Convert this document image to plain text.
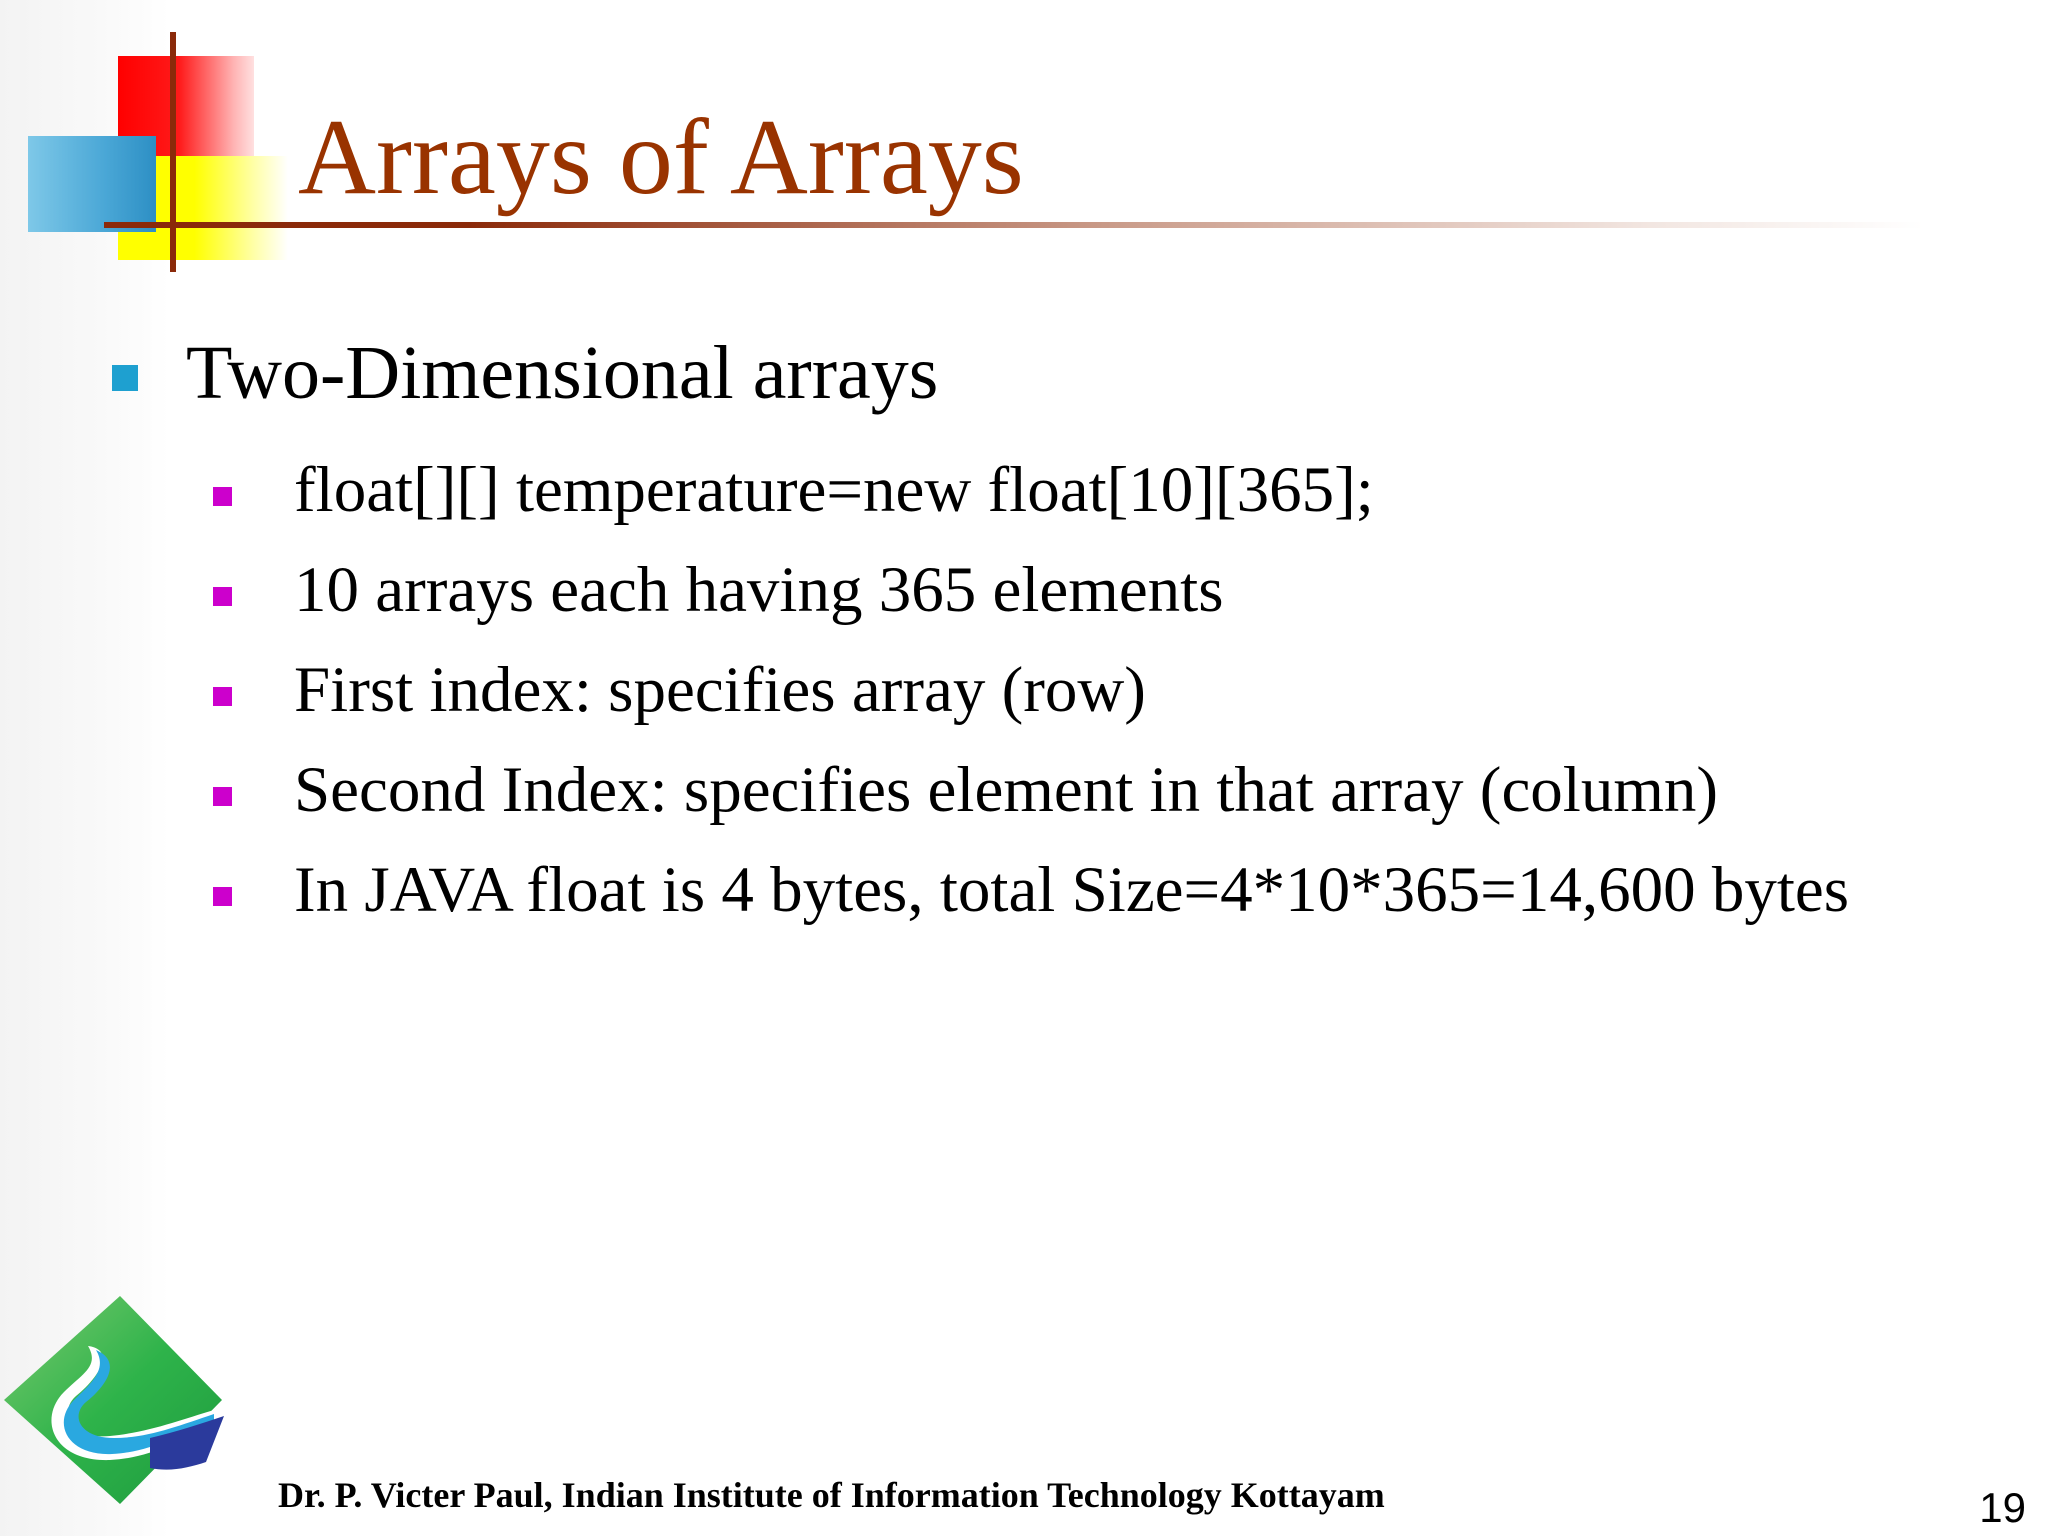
Arrays of Arrays
Two-Dimensional arrays
float[][] temperature=new float[10][365];
10 arrays each having 365 elements
First index: specifies array (row)
Second Index: specifies element in that array (column)
In JAVA float is 4 bytes, total Size=4*10*365=14,600 bytes
Dr. P. Victer Paul, Indian Institute of Information Technology Kottayam	19
